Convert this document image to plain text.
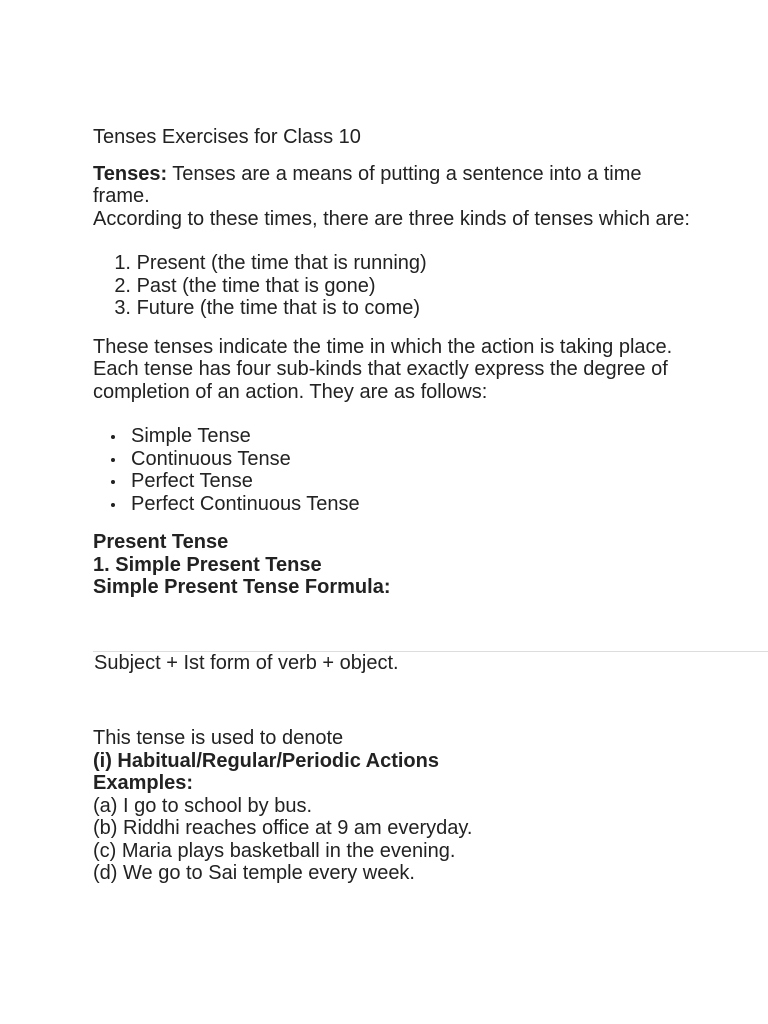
Tenses Exercises for Class 10

Tenses: Tenses are a means of putting a sentence into a time frame.

According to these times, there are three kinds of tenses which are:

1.
Present (the time that is running)
2.
Past (the time that is gone)
3.
Future (the time that is to come)

These tenses indicate the time in which the action is taking place. Each tense has four sub-kinds that exactly express the degree of completion of an action. They are as follows:

Simple Tense
Continuous Tense
Perfect Tense
Perfect Continuous Tense

Present Tense

1. Simple Present Tense

Simple Present Tense Formula:

Subject + Ist form of verb + object.

This tense is used to denote

(i) Habitual/Regular/Periodic Actions

Examples:

(a) I go to school by bus.

(b) Riddhi reaches office at 9 am everyday.

(c) Maria plays basketball in the evening.

(d) We go to Sai temple every week.
